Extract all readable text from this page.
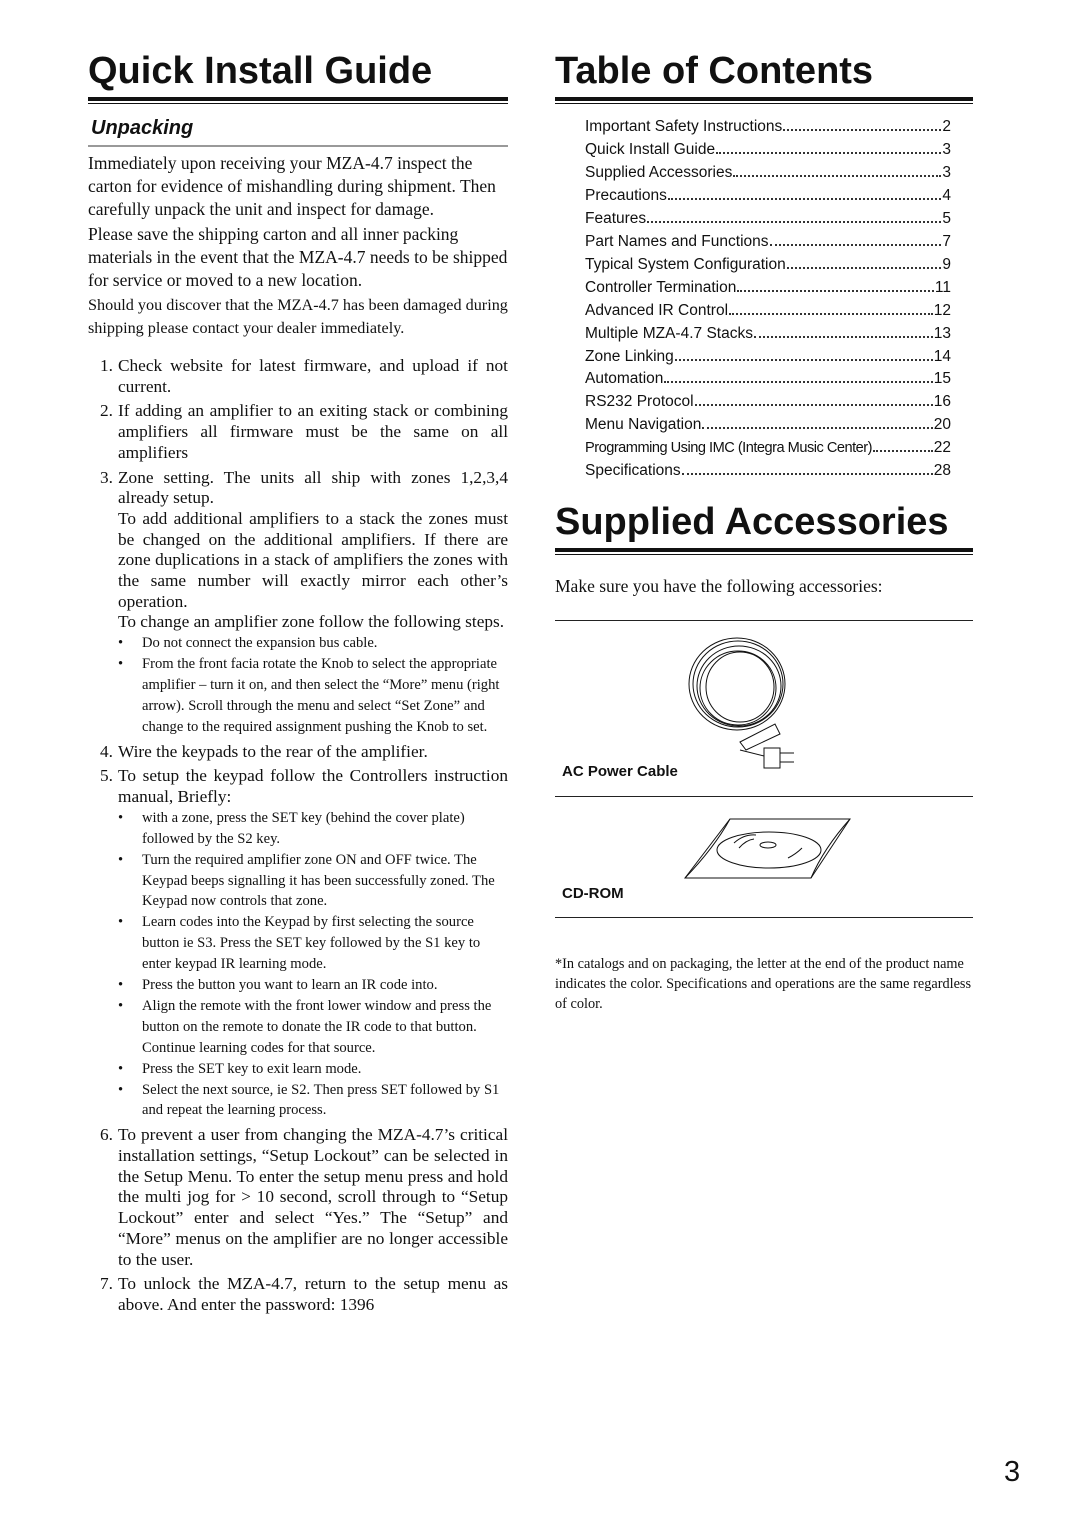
Quick Install Guide
Unpacking

Immediately upon receiving your MZA-4.7 inspect the carton for evidence of mishandling during shipment. Then carefully unpack the unit and inspect for damage.

Please save the shipping carton and all inner packing materials in the event that the MZA-4.7 needs to be shipped for service or moved to a new location.

Should you discover that the MZA-4.7 has been damaged during shipping please contact your dealer immediately.

1. Check website for latest firmware, and upload if not current.
2. If adding an amplifier to an exiting stack or combining amplifiers all firmware must be the same on all amplifiers
3. Zone setting. The units all ship with zones 1,2,3,4 already setup.
To add additional amplifiers to a stack the zones must be changed on the additional amplifiers. If there are zone duplications in a stack of amplifiers the zones with the same number will exactly mirror each other’s operation.
To change an amplifier zone follow the following steps.
•	Do not connect the expansion bus cable.
•	From the front facia rotate the Knob to select the appropriate amplifier – turn it on, and then select the “More” menu (right arrow). Scroll through the menu and select “Set Zone” and change to the required assignment pushing the Knob to set.
4. Wire the keypads to the rear of the amplifier.
5. To setup the keypad follow the Controllers instruction manual, Briefly:
•	with a zone, press the SET key (behind the cover plate) followed by the S2 key.
•	Turn the required amplifier zone ON and OFF twice. The Keypad beeps signalling it has been successfully zoned. The Keypad now controls that zone.
•	Learn codes into the Keypad by first selecting the source button ie S3. Press the SET key followed by the S1 key to enter keypad IR learning mode.
•	Press the button you want to learn an IR code into.
•	Align the remote with the front lower window and press the button on the remote to donate the IR code to that button. Continue learning codes for that source.
•	Press the SET key to exit learn mode.
•	Select the next source, ie S2. Then press SET followed by S1 and repeat the learning process.
6. To prevent a user from changing the MZA-4.7’s critical installation settings, “Setup Lockout” can be selected in the Setup Menu. To enter the setup menu press and hold the multi jog for > 10 second, scroll through to “Setup Lockout” enter and select “Yes.” The “Setup” and “More” menus on the amplifier are no longer accessible to the user.
7. To unlock the MZA-4.7, return to the setup menu as above. And enter the password: 1396
Table of Contents
Important Safety Instructions	2
Quick Install Guide	3
Supplied Accessories	3
Precautions	4
Features	5
Part Names and Functions	7
Typical System Configuration	9
Controller Termination	11
Advanced IR Control	12
Multiple MZA-4.7 Stacks	13
Zone Linking	14
Automation	15
RS232 Protocol	16
Menu Navigation	20
Programming Using IMC (Integra Music Center)	22
Specifications	28
Supplied Accessories
Make sure you have the following accessories:
AC Power Cable
CD-ROM
*In catalogs and on packaging, the letter at the end of the product name indicates the color. Specifications and operations are the same regardless of color.
3
